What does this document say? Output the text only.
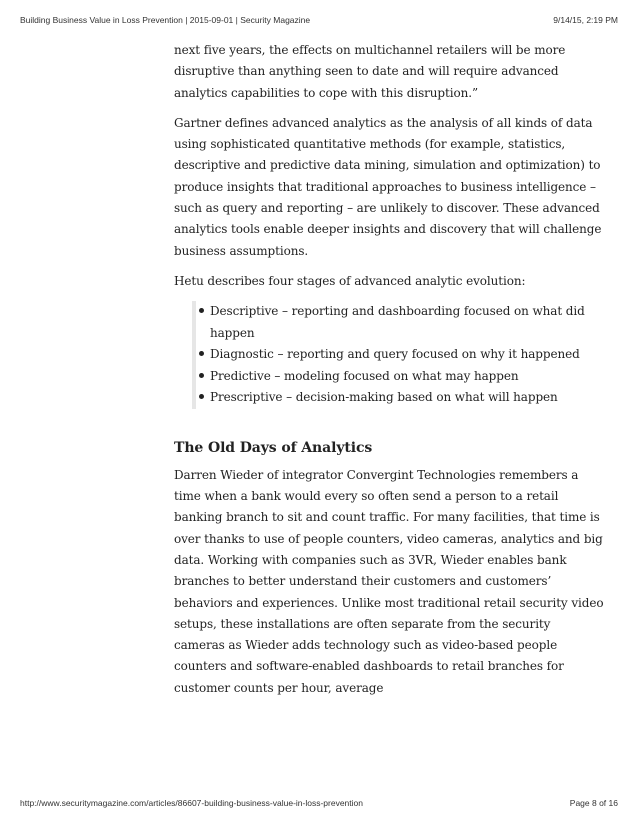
Building Business Value in Loss Prevention | 2015-09-01 | Security Magazine	9/14/15, 2:19 PM

next five years, the effects on multichannel retailers will be more disruptive than anything seen to date and will require advanced analytics capabilities to cope with this disruption.”

Gartner defines advanced analytics as the analysis of all kinds of data using sophisticated quantitative methods (for example, statistics, descriptive and predictive data mining, simulation and optimization) to produce insights that traditional approaches to business intelligence – such as query and reporting – are unlikely to discover. These advanced analytics tools enable deeper insights and discovery that will challenge business assumptions.

Hetu describes four stages of advanced analytic evolution:

Descriptive – reporting and dashboarding focused on what did happen
Diagnostic – reporting and query focused on why it happened
Predictive – modeling focused on what may happen
Prescriptive – decision-making based on what will happen
The Old Days of Analytics

Darren Wieder of integrator Convergint Technologies remembers a time when a bank would every so often send a person to a retail banking branch to sit and count traffic. For many facilities, that time is over thanks to use of people counters, video cameras, analytics and big data. Working with companies such as 3VR, Wieder enables bank branches to better understand their customers and customers’ behaviors and experiences. Unlike most traditional retail security video setups, these installations are often separate from the security cameras as Wieder adds technology such as video-based people counters and software-enabled dashboards to retail branches for customer counts per hour, average

http://www.securitymagazine.com/articles/86607-building-business-value-in-loss-prevention	Page 8 of 16
